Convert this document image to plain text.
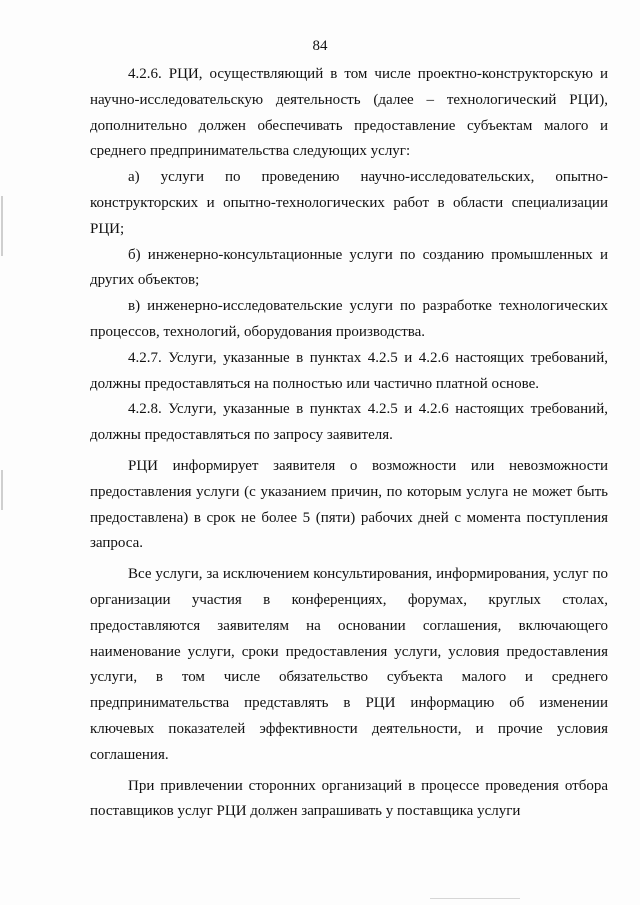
84

4.2.6. РЦИ, осуществляющий в том числе проектно-конструкторскую и научно-исследовательскую деятельность (далее – технологический РЦИ), дополнительно должен обеспечивать предоставление субъектам малого и среднего предпринимательства следующих услуг:

а) услуги по проведению научно-исследовательских, опытно-конструкторских и опытно-технологических работ в области специализации РЦИ;

б) инженерно-консультационные услуги по созданию промышленных и других объектов;

в) инженерно-исследовательские услуги по разработке технологических процессов, технологий, оборудования производства.

4.2.7. Услуги, указанные в пунктах 4.2.5 и 4.2.6 настоящих требований, должны предоставляться на полностью или частично платной основе.

4.2.8. Услуги, указанные в пунктах 4.2.5 и 4.2.6 настоящих требований, должны предоставляться по запросу заявителя.

РЦИ информирует заявителя о возможности или невозможности предоставления услуги (с указанием причин, по которым услуга не может быть предоставлена) в срок не более 5 (пяти) рабочих дней с момента поступления запроса.

Все услуги, за исключением консультирования, информирования, услуг по организации участия в конференциях, форумах, круглых столах, предоставляются заявителям на основании соглашения, включающего наименование услуги, сроки предоставления услуги, условия предоставления услуги, в том числе обязательство субъекта малого и среднего предпринимательства представлять в РЦИ информацию об изменении ключевых показателей эффективности деятельности, и прочие условия соглашения.

При привлечении сторонних организаций в процессе проведения отбора поставщиков услуг РЦИ должен запрашивать у поставщика услуги
